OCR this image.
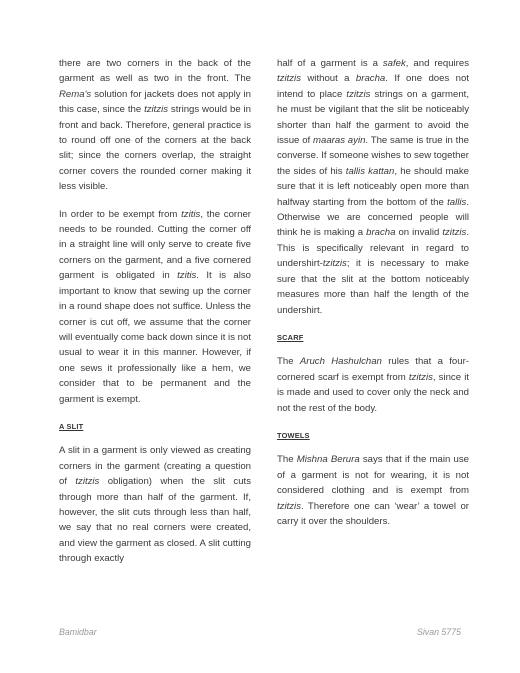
there are two corners in the back of the garment as well as two in the front. The Rema's solution for jackets does not apply in this case, since the tzitzis strings would be in front and back. Therefore, general practice is to round off one of the corners at the back slit; since the corners overlap, the straight corner covers the rounded corner making it less visible.

In order to be exempt from tzitis, the corner needs to be rounded. Cutting the corner off in a straight line will only serve to create five corners on the garment, and a five cornered garment is obligated in tzitis. It is also important to know that sewing up the corner in a round shape does not suffice. Unless the corner is cut off, we assume that the corner will eventually come back down since it is not usual to wear it in this manner. However, if one sews it professionally like a hem, we consider that to be permanent and the garment is exempt.

A SLIT

A slit in a garment is only viewed as creating corners in the garment (creating a question of tzitzis obligation) when the slit cuts through more than half of the garment. If, however, the slit cuts through less than half, we say that no real corners were created, and view the garment as closed. A slit cutting through exactly

half of a garment is a safek, and requires tzitzis without a bracha. If one does not intend to place tzitzis strings on a garment, he must be vigilant that the slit be noticeably shorter than half the garment to avoid the issue of maaras ayin. The same is true in the converse. If someone wishes to sew together the sides of his tallis kattan, he should make sure that it is left noticeably open more than halfway starting from the bottom of the tallis. Otherwise we are concerned people will think he is making a bracha on invalid tzitzis. This is specifically relevant in regard to undershirt-tzitzis; it is necessary to make sure that the slit at the bottom noticeably measures more than half the length of the undershirt.

SCARF

The Aruch Hashulchan rules that a four-cornered scarf is exempt from tzitzis, since it is made and used to cover only the neck and not the rest of the body.

TOWELS

The Mishna Berura says that if the main use of a garment is not for wearing, it is not considered clothing and is exempt from tzitzis. Therefore one can ‘wear’ a towel or carry it over the shoulders.

Bamidbar	Sivan 5775
